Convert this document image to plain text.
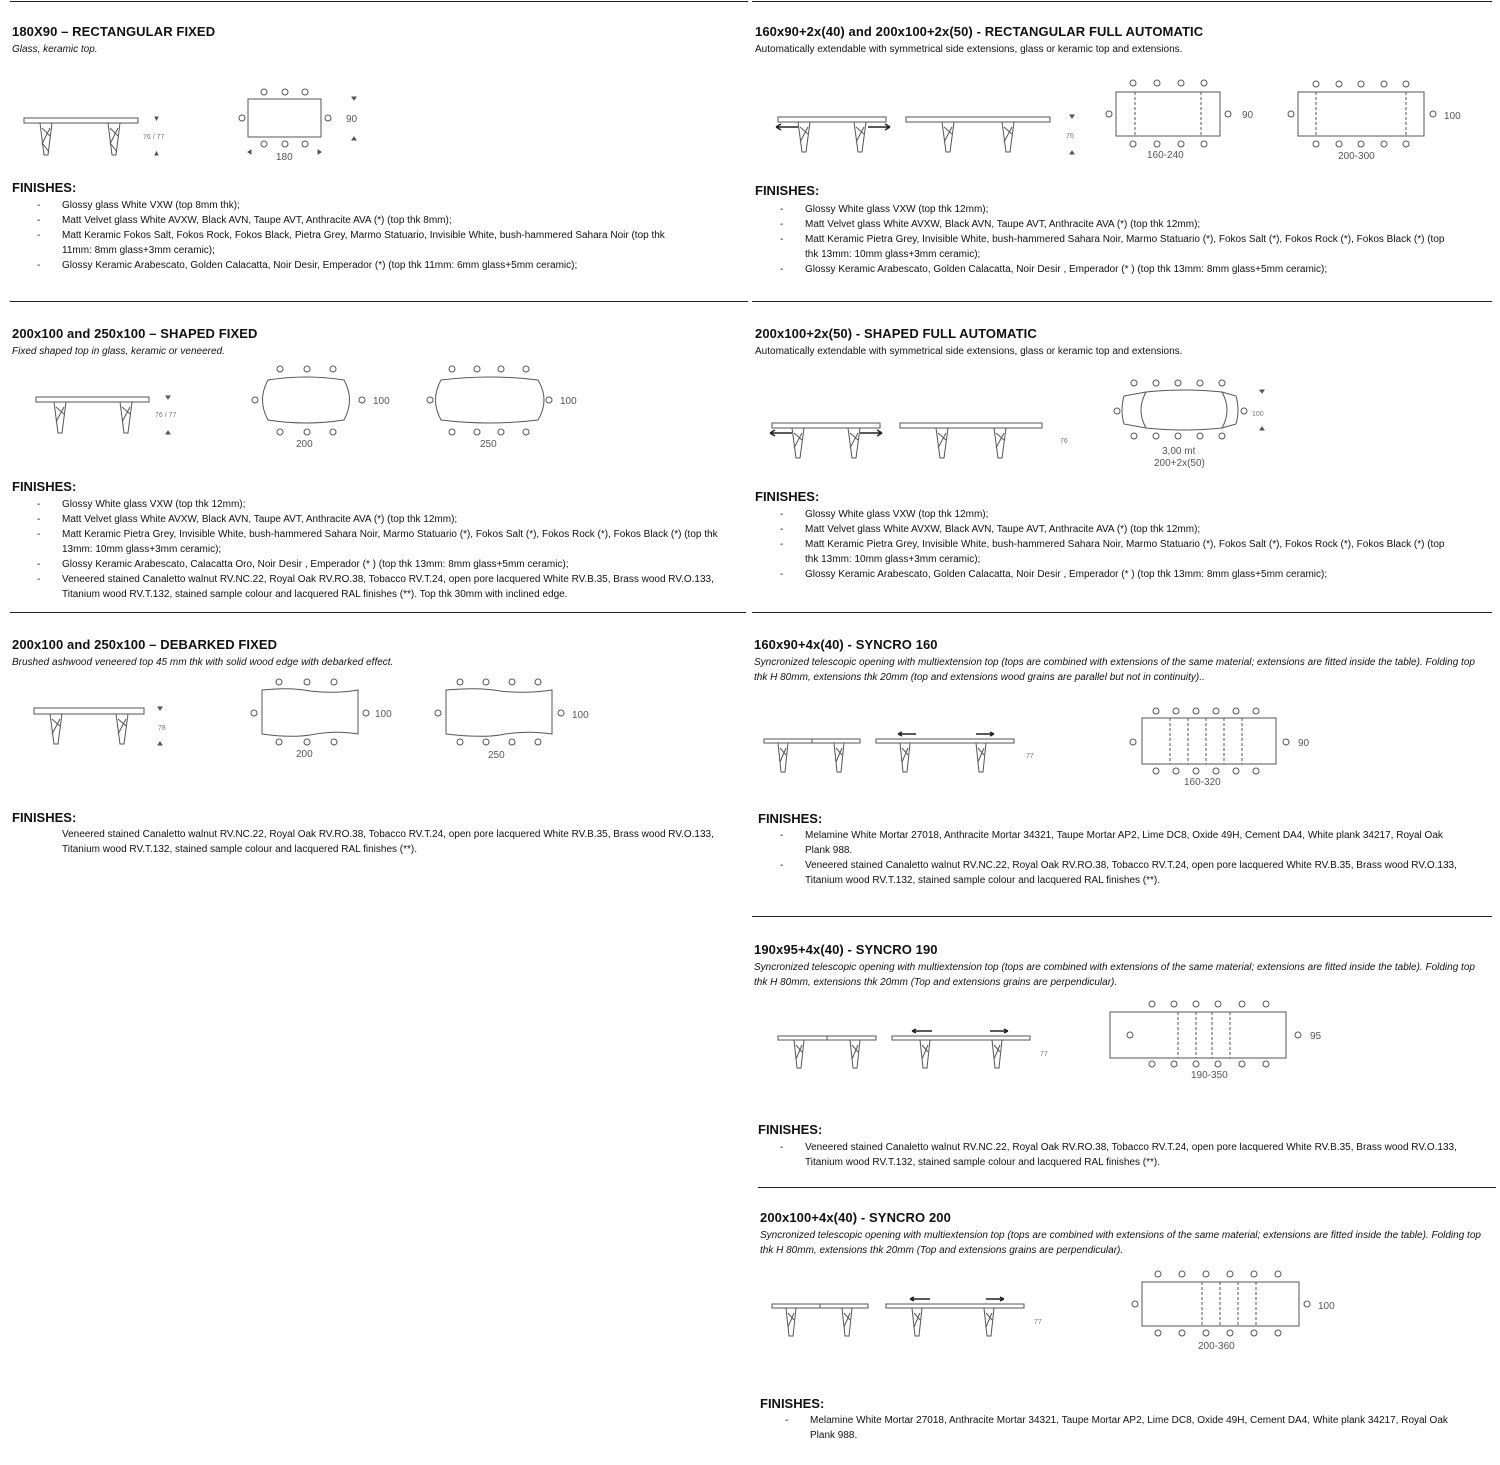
180X90 – RECTANGULAR FIXED

Glass, keramic top.

76 / 77
90
180
FINISHES:

- Glossy glass White VXW (top 8mm thk);

- Matt Velvet glass White AVXW, Black AVN, Taupe AVT, Anthracite AVA (*) (top thk 8mm);

- Matt Keramic Fokos Salt, Fokos Rock, Fokos Black, Pietra Grey, Marmo Statuario, Invisible White, bush-hammered Sahara Noir (top thk 11mm: 8mm glass+3mm ceramic);

- Glossy Keramic Arabescato, Golden Calacatta, Noir Desir, Emperador (*) (top thk 11mm: 6mm glass+5mm ceramic);

160x90+2x(40) and 200x100+2x(50) - RECTANGULAR FULL AUTOMATIC

Automatically extendable with symmetrical side extensions, glass or keramic top and extensions.

76
90
160-240
100
200-300
FINISHES:

- Glossy White glass VXW (top thk 12mm);

- Matt Velvet glass White AVXW, Black AVN, Taupe AVT, Anthracite AVA (*) (top thk 12mm);

- Matt Keramic Pietra Grey, Invisible White, bush-hammered Sahara Noir, Marmo Statuario (*), Fokos Salt (*), Fokos Rock (*), Fokos Black (*) (top thk 13mm: 10mm glass+3mm ceramic);

- Glossy Keramic Arabescato, Golden Calacatta, Noir Desir , Emperador (* ) (top thk 13mm: 8mm glass+5mm ceramic);

200x100 and 250x100 – SHAPED FIXED

Fixed shaped top in glass, keramic or veneered.

76 / 77
100
200
100
250
FINISHES:

- Glossy White glass VXW (top thk 12mm);

- Matt Velvet glass White AVXW, Black AVN, Taupe AVT, Anthracite AVA (*) (top thk 12mm);

- Matt Keramic Pietra Grey, Invisible White, bush-hammered Sahara Noir, Marmo Statuario (*), Fokos Salt (*), Fokos Rock (*), Fokos Black (*) (top thk 13mm: 10mm glass+3mm ceramic);

- Glossy Keramic Arabescato, Calacatta Oro, Noir Desir , Emperador (* ) (top thk 13mm: 8mm glass+5mm ceramic);

- Veneered stained Canaletto walnut RV.NC.22, Royal Oak RV.RO.38, Tobacco RV.T.24, open pore lacquered White RV.B.35, Brass wood RV.O.133, Titanium wood RV.T.132, stained sample colour and lacquered RAL finishes (**). Top thk 30mm with inclined edge.

200x100+2x(50) - SHAPED FULL AUTOMATIC

Automatically extendable with symmetrical side extensions, glass or keramic top and extensions.

76
100
3,00 mt
200+2x(50)
FINISHES:

- Glossy White glass VXW (top thk 12mm);

- Matt Velvet glass White AVXW, Black AVN, Taupe AVT, Anthracite AVA (*) (top thk 12mm);

- Matt Keramic Pietra Grey, Invisible White, bush-hammered Sahara Noir, Marmo Statuario (*), Fokos Salt (*), Fokos Rock (*), Fokos Black (*) (top thk 13mm: 10mm glass+3mm ceramic);

- Glossy Keramic Arabescato, Golden Calacatta, Noir Desir , Emperador (* ) (top thk 13mm: 8mm glass+5mm ceramic);

200x100 and 250x100 – DEBARKED FIXED

Brushed ashwood veneered top 45 mm thk with solid wood edge with debarked effect.

78
100
200
100
250
FINISHES:

Veneered stained Canaletto walnut RV.NC.22, Royal Oak RV.RO.38, Tobacco RV.T.24, open pore lacquered White RV.B.35, Brass wood RV.O.133, Titanium wood RV.T.132, stained sample colour and lacquered RAL finishes (**).

160x90+4x(40) - SYNCRO 160

Syncronized telescopic opening with multiextension top (tops are combined with extensions of the same material; extensions are fitted inside the table). Folding top thk H 80mm, extensions thk 20mm (top and extensions wood grains are parallel but not in continuity)..

77
90
160-320
FINISHES:

- Melamine White Mortar 27018, Anthracite Mortar 34321, Taupe Mortar AP2, Lime DC8, Oxide 49H, Cement DA4, White plank 34217, Royal Oak Plank 988.

- Veneered stained Canaletto walnut RV.NC.22, Royal Oak RV.RO.38, Tobacco RV.T.24, open pore lacquered White RV.B.35, Brass wood RV.O.133, Titanium wood RV.T.132, stained sample colour and lacquered RAL finishes (**).

190x95+4x(40) - SYNCRO 190

Syncronized telescopic opening with multiextension top (tops are combined with extensions of the same material; extensions are fitted inside the table). Folding top thk H 80mm, extensions thk 20mm (Top and extensions grains are perpendicular).

77
95
190-350
FINISHES:

- Veneered stained Canaletto walnut RV.NC.22, Royal Oak RV.RO.38, Tobacco RV.T.24, open pore lacquered White RV.B.35, Brass wood RV.O.133, Titanium wood RV.T.132, stained sample colour and lacquered RAL finishes (**).

200x100+4x(40) - SYNCRO 200

Syncronized telescopic opening with multiextension top (tops are combined with extensions of the same material; extensions are fitted inside the table). Folding top thk H 80mm, extensions thk 20mm (Top and extensions grains are perpendicular).

77
100
200-360
FINISHES:

- Melamine White Mortar 27018, Anthracite Mortar 34321, Taupe Mortar AP2, Lime DC8, Oxide 49H, Cement DA4, White plank 34217, Royal Oak Plank 988.
